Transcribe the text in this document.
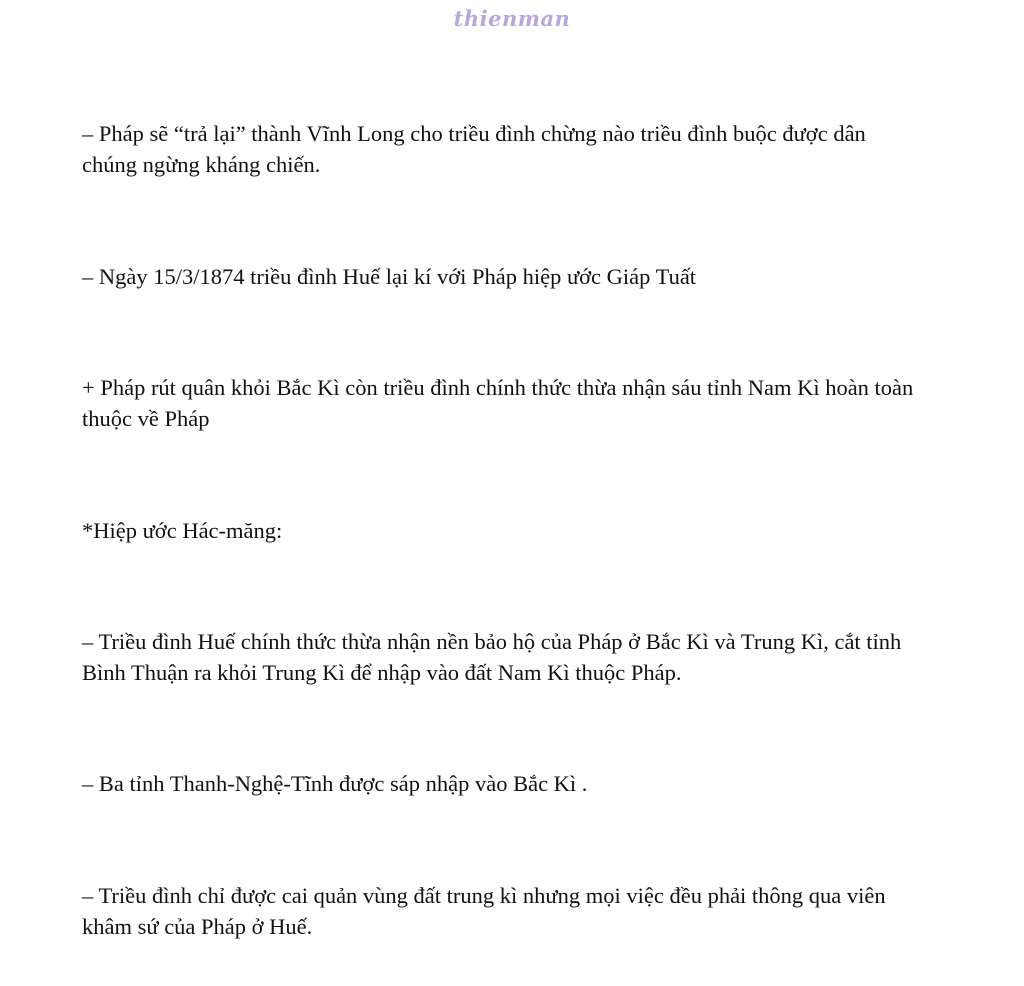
thienman

– Pháp sẽ “trả lại” thành Vĩnh Long cho triều đình chừng nào triều đình buộc được dân chúng ngừng kháng chiến.

– Ngày 15/3/1874 triều đình Huế lại kí với Pháp hiệp ước Giáp Tuất

+ Pháp rút quân khỏi Bắc Kì còn triều đình chính thức thừa nhận sáu tỉnh Nam Kì hoàn toàn thuộc về Pháp

*Hiệp ước Hác-măng:

– Triều đình Huế chính thức thừa nhận nền bảo hộ của Pháp ở Bắc Kì và Trung Kì, cắt tỉnh Bình Thuận ra khỏi Trung Kì để nhập vào đất Nam Kì thuộc Pháp.

– Ba tỉnh Thanh-Nghệ-Tĩnh được sáp nhập vào Bắc Kì .

– Triều đình chỉ được cai quản vùng đất trung kì nhưng mọi việc đều phải thông qua viên khâm sứ của Pháp ở Huế.
